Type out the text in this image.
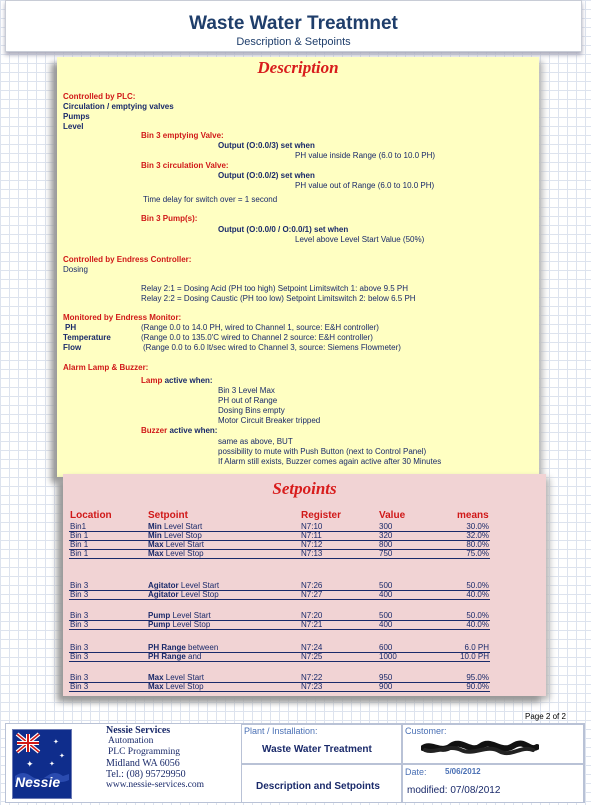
Waste Water Treatmnet
Description & Setpoints
Description
Controlled by PLC:
Circulation / emptying valves
Pumps
Level
Bin 3 emptying Valve:
Output (O:0.0/3) set when
PH value inside Range (6.0 to 10.0 PH)
Bin 3 circulation Valve:
Output (O:0.0/2) set when
PH value out of Range (6.0 to 10.0 PH)
Time delay for switch over = 1 second
Bin 3 Pump(s):
Output (O:0.0/0 / O:0.0/1) set when
Level above Level Start Value (50%)
Controlled by Endress Controller:
Dosing
Relay 2:1 = Dosing Acid (PH too high) Setpoint Limitswitch 1: above 9.5 PH
Relay 2:2 = Dosing Caustic (PH too low) Setpoint Limitswitch 2: below 6.5 PH
Monitored by Endress Monitor:
PH	(Range 0.0 to 14.0 PH, wired to Channel 1, source: E&H controller)
Temperature	(Range 0.0 to 135.0'C wired to Channel 2 source: E&H controller)
Flow	(Range 0.0 to 6.0 lt/sec wired to Channel 3, source: Siemens Flowmeter)
Alarm Lamp & Buzzer:
Lamp active when:
Bin 3 Level Max
PH out of Range
Dosing Bins empty
Motor Circuit Breaker tripped
Buzzer active when:
same as above, BUT
possibility to mute with Push Button (next to Control Panel)
If Alarm still exists, Buzzer comes again active after 30 Minutes
Setpoints
Location	Setpoint	Register	Value	means
Bin1	Min Level Start	N7:10	300	30.0%
Bin 1	Min Level Stop	N7:11	320	32.0%
Bin 1	Max Level Start	N7:12	800	80.0%
Bin 1	Max Level Stop	N7:13	750	75.0%
Bin 3	Agitator Level Start	N7:26	500	50.0%
Bin 3	Agitator Level Stop	N7:27	400	40.0%
Bin 3	Pump Level Start	N7:20	500	50.0%
Bin 3	Pump Level Stop	N7:21	400	40.0%
Bin 3	PH Range between	N7:24	600	6.0 PH
Bin 3	PH Range and	N7:25	1000	10.0 PH
Bin 3	Max Level Start	N7:22	950	95.0%
Bin 3	Max Level Stop	N7:23	900	90.0%
Page 2 of 2
✦
✦
✦
✦
Nessie
Nessie Services
Automation
PLC Programming
Midland WA 6056
Tel.: (08) 95729950
www.nessie-services.com
Plant / Installation:
Waste Water Treatment
Description and Setpoints
Customer:
Date: 5/06/2012
modified: 07/08/2012
